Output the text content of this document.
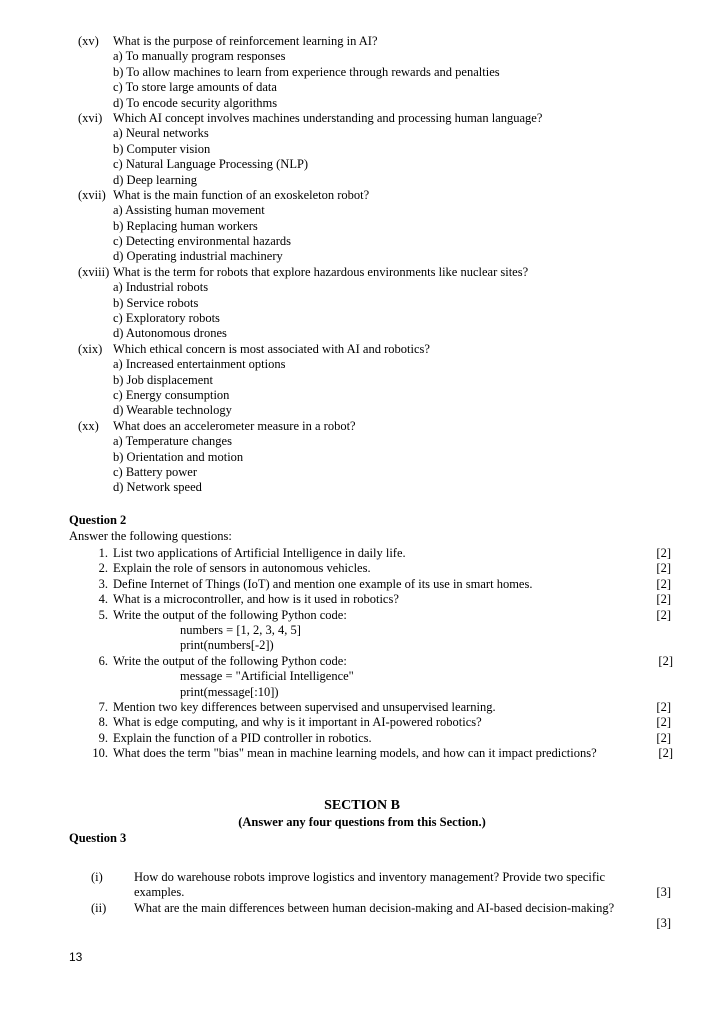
(xv) What is the purpose of reinforcement learning in AI?
a) To manually program responses
b) To allow machines to learn from experience through rewards and penalties
c) To store large amounts of data
d) To encode security algorithms
(xvi) Which AI concept involves machines understanding and processing human language?
a) Neural networks
b) Computer vision
c) Natural Language Processing (NLP)
d) Deep learning
(xvii) What is the main function of an exoskeleton robot?
a) Assisting human movement
b) Replacing human workers
c) Detecting environmental hazards
d) Operating industrial machinery
(xviii) What is the term for robots that explore hazardous environments like nuclear sites?
a) Industrial robots
b) Service robots
c) Exploratory robots
d) Autonomous drones
(xix) Which ethical concern is most associated with AI and robotics?
a) Increased entertainment options
b) Job displacement
c) Energy consumption
d) Wearable technology
(xx) What does an accelerometer measure in a robot?
a) Temperature changes
b) Orientation and motion
c) Battery power
d) Network speed
Question 2
Answer the following questions:
1. List two applications of Artificial Intelligence in daily life.	[2]
2. Explain the role of sensors in autonomous vehicles.	[2]
3. Define Internet of Things (IoT) and mention one example of its use in smart homes.	[2]
4. What is a microcontroller, and how is it used in robotics?	[2]
5. Write the output of the following Python code:	[2]
numbers = [1, 2, 3, 4, 5]
print(numbers[-2])
6. Write the output of the following Python code:	[2]
message = "Artificial Intelligence"
print(message[:10])
7. Mention two key differences between supervised and unsupervised learning.	[2]
8. What is edge computing, and why is it important in AI-powered robotics?	[2]
9. Explain the function of a PID controller in robotics.	[2]
10. What does the term "bias" mean in machine learning models, and how can it impact predictions?	[2]
SECTION B
(Answer any four questions from this Section.)
Question 3
(i)	How do warehouse robots improve logistics and inventory management? Provide two specific
examples.	[3]
(ii)	What are the main differences between human decision-making and AI-based decision-making?
[3]
13
